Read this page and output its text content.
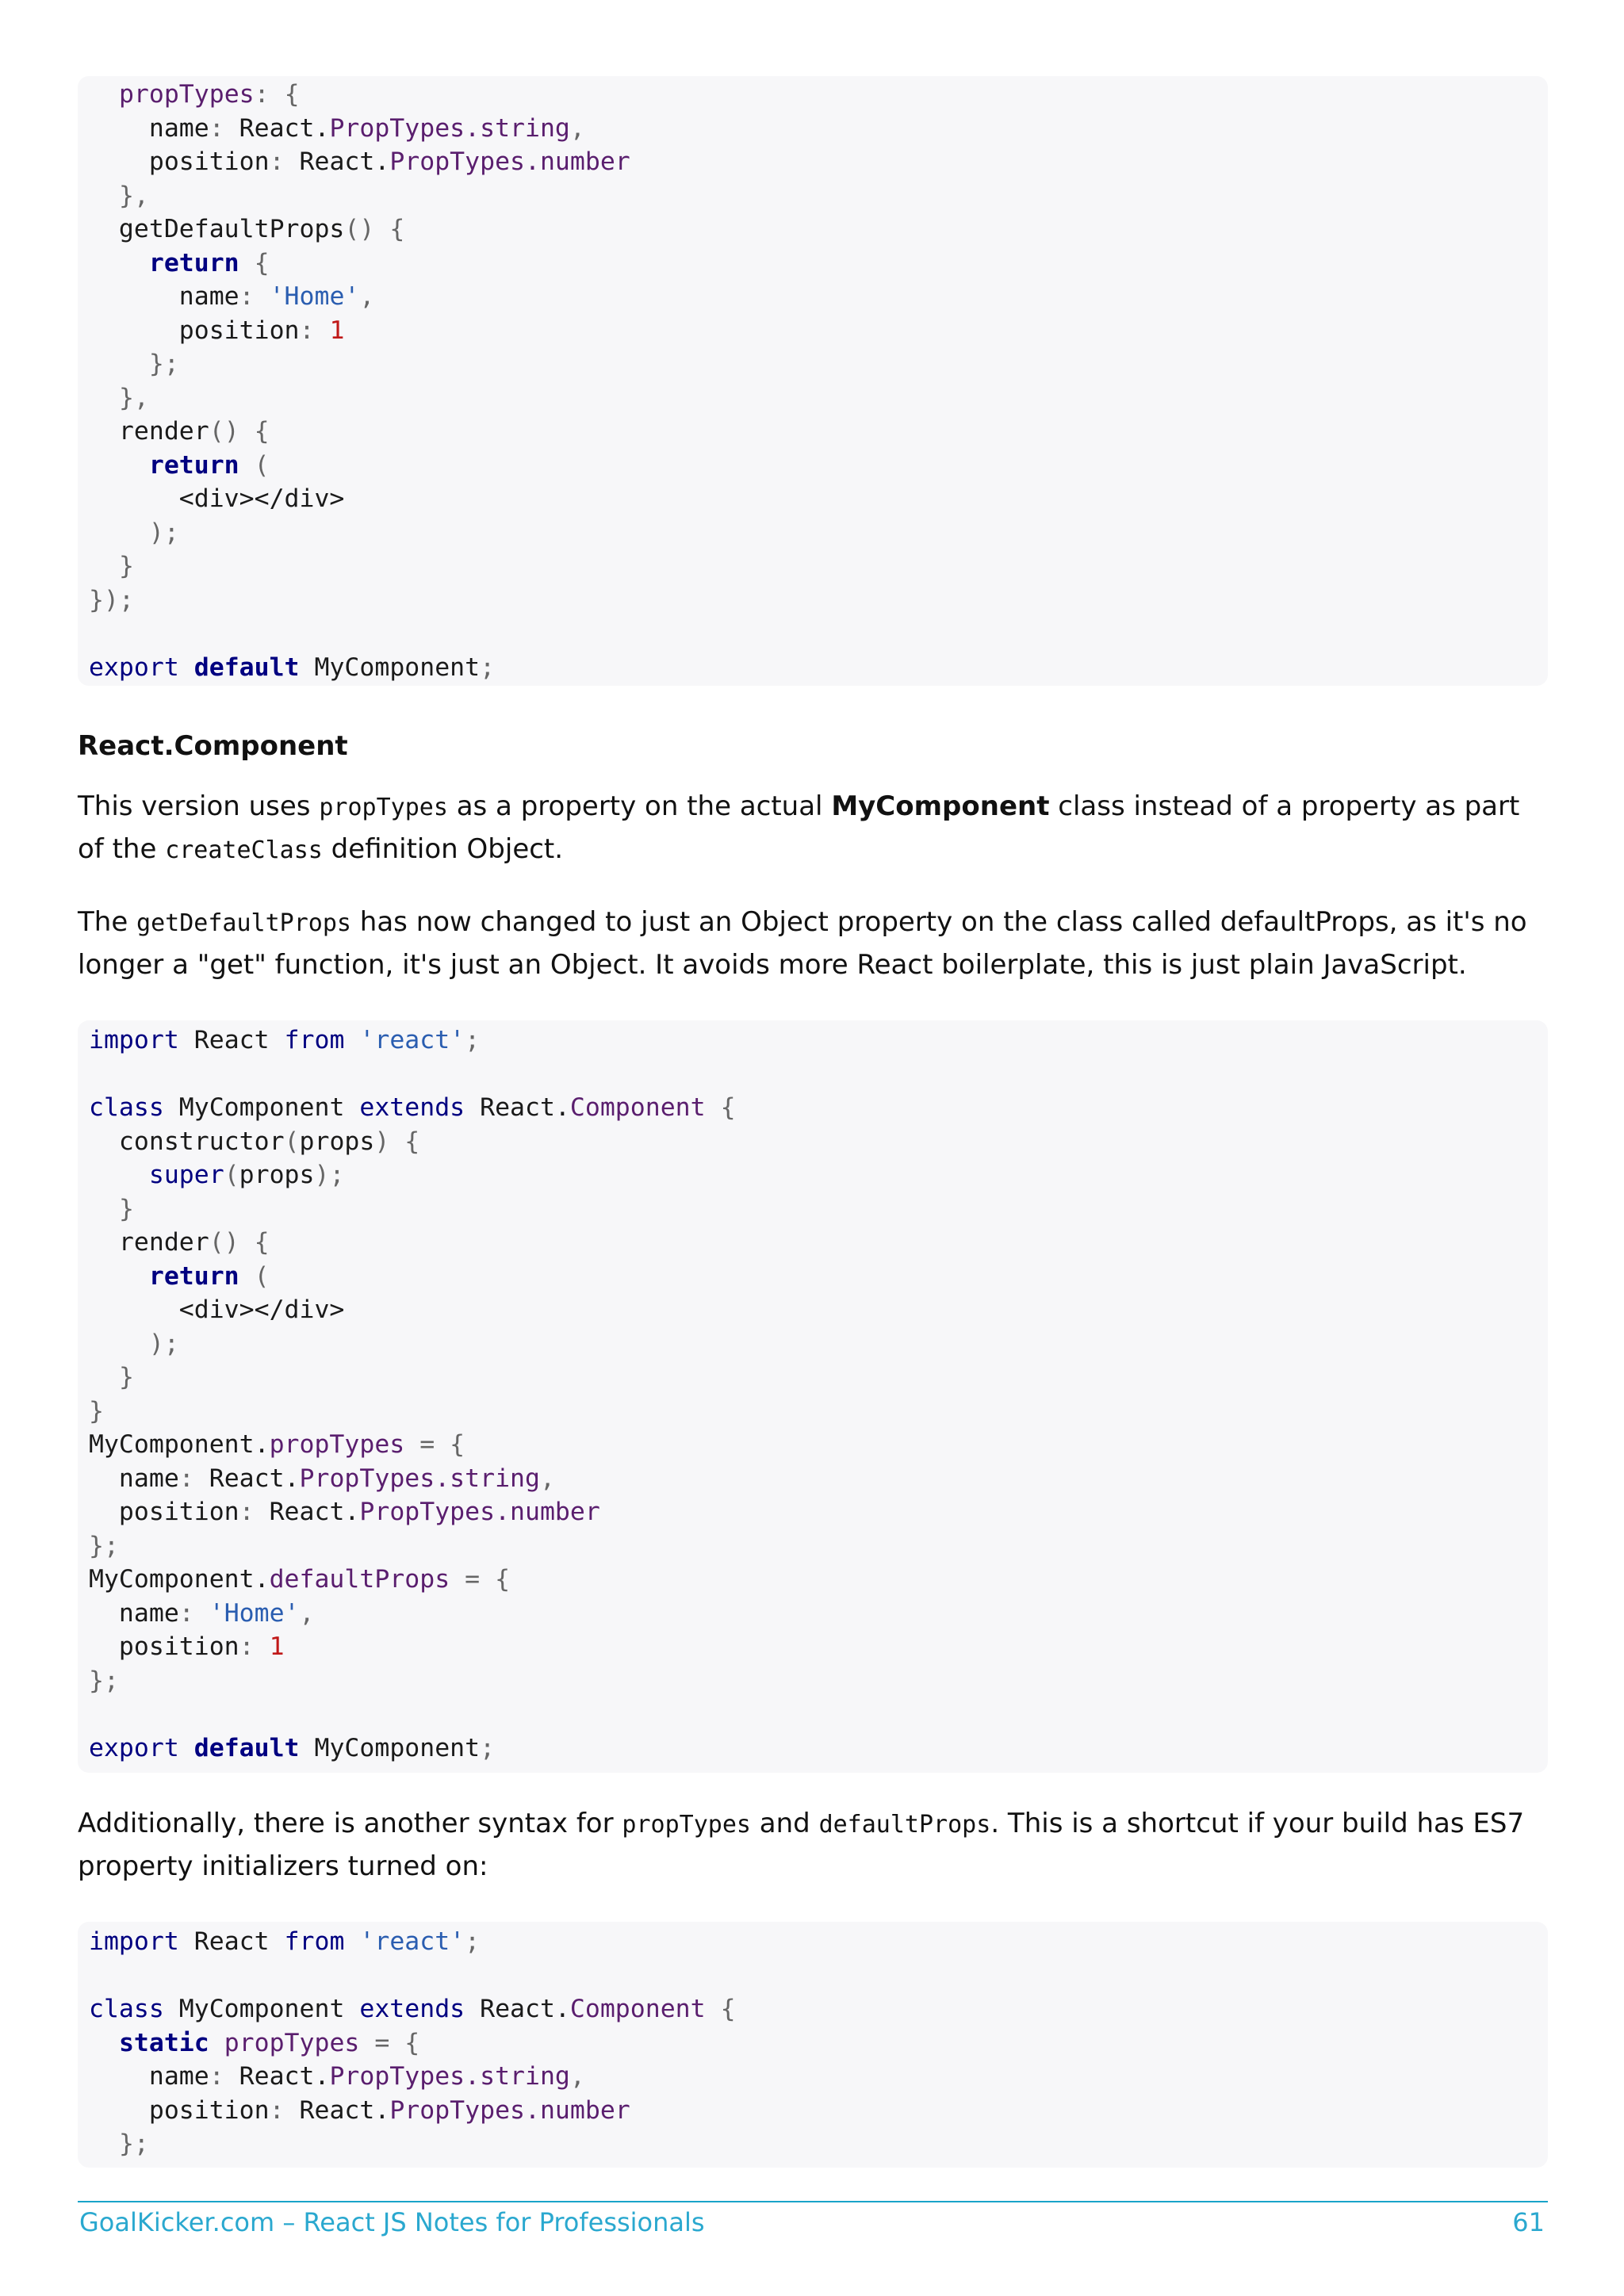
propTypes: {
name: React.PropTypes.string,
position: React.PropTypes.number
},
getDefaultProps() {
return {
name: 'Home',
position: 1
};
},
render() {
return (
<div></div>
);
}
});
export default MyComponent;
React.Component

This version uses propTypes as a property on the actual MyComponent class instead of a property as part of the createClass definition Object.

The getDefaultProps has now changed to just an Object property on the class called defaultProps, as it's no longer a "get" function, it's just an Object. It avoids more React boilerplate, this is just plain JavaScript.

import React from 'react';
class MyComponent extends React.Component {
constructor(props) {
super(props);
}
render() {
return (
<div></div>
);
}
}
MyComponent.propTypes = {
name: React.PropTypes.string,
position: React.PropTypes.number
};
MyComponent.defaultProps = {
name: 'Home',
position: 1
};
export default MyComponent;

Additionally, there is another syntax for propTypes and defaultProps. This is a shortcut if your build has ES7 property initializers turned on:

import React from 'react';
class MyComponent extends React.Component {
static propTypes = {
name: React.PropTypes.string,
position: React.PropTypes.number
};
GoalKicker.com – React JS Notes for Professionals	61
